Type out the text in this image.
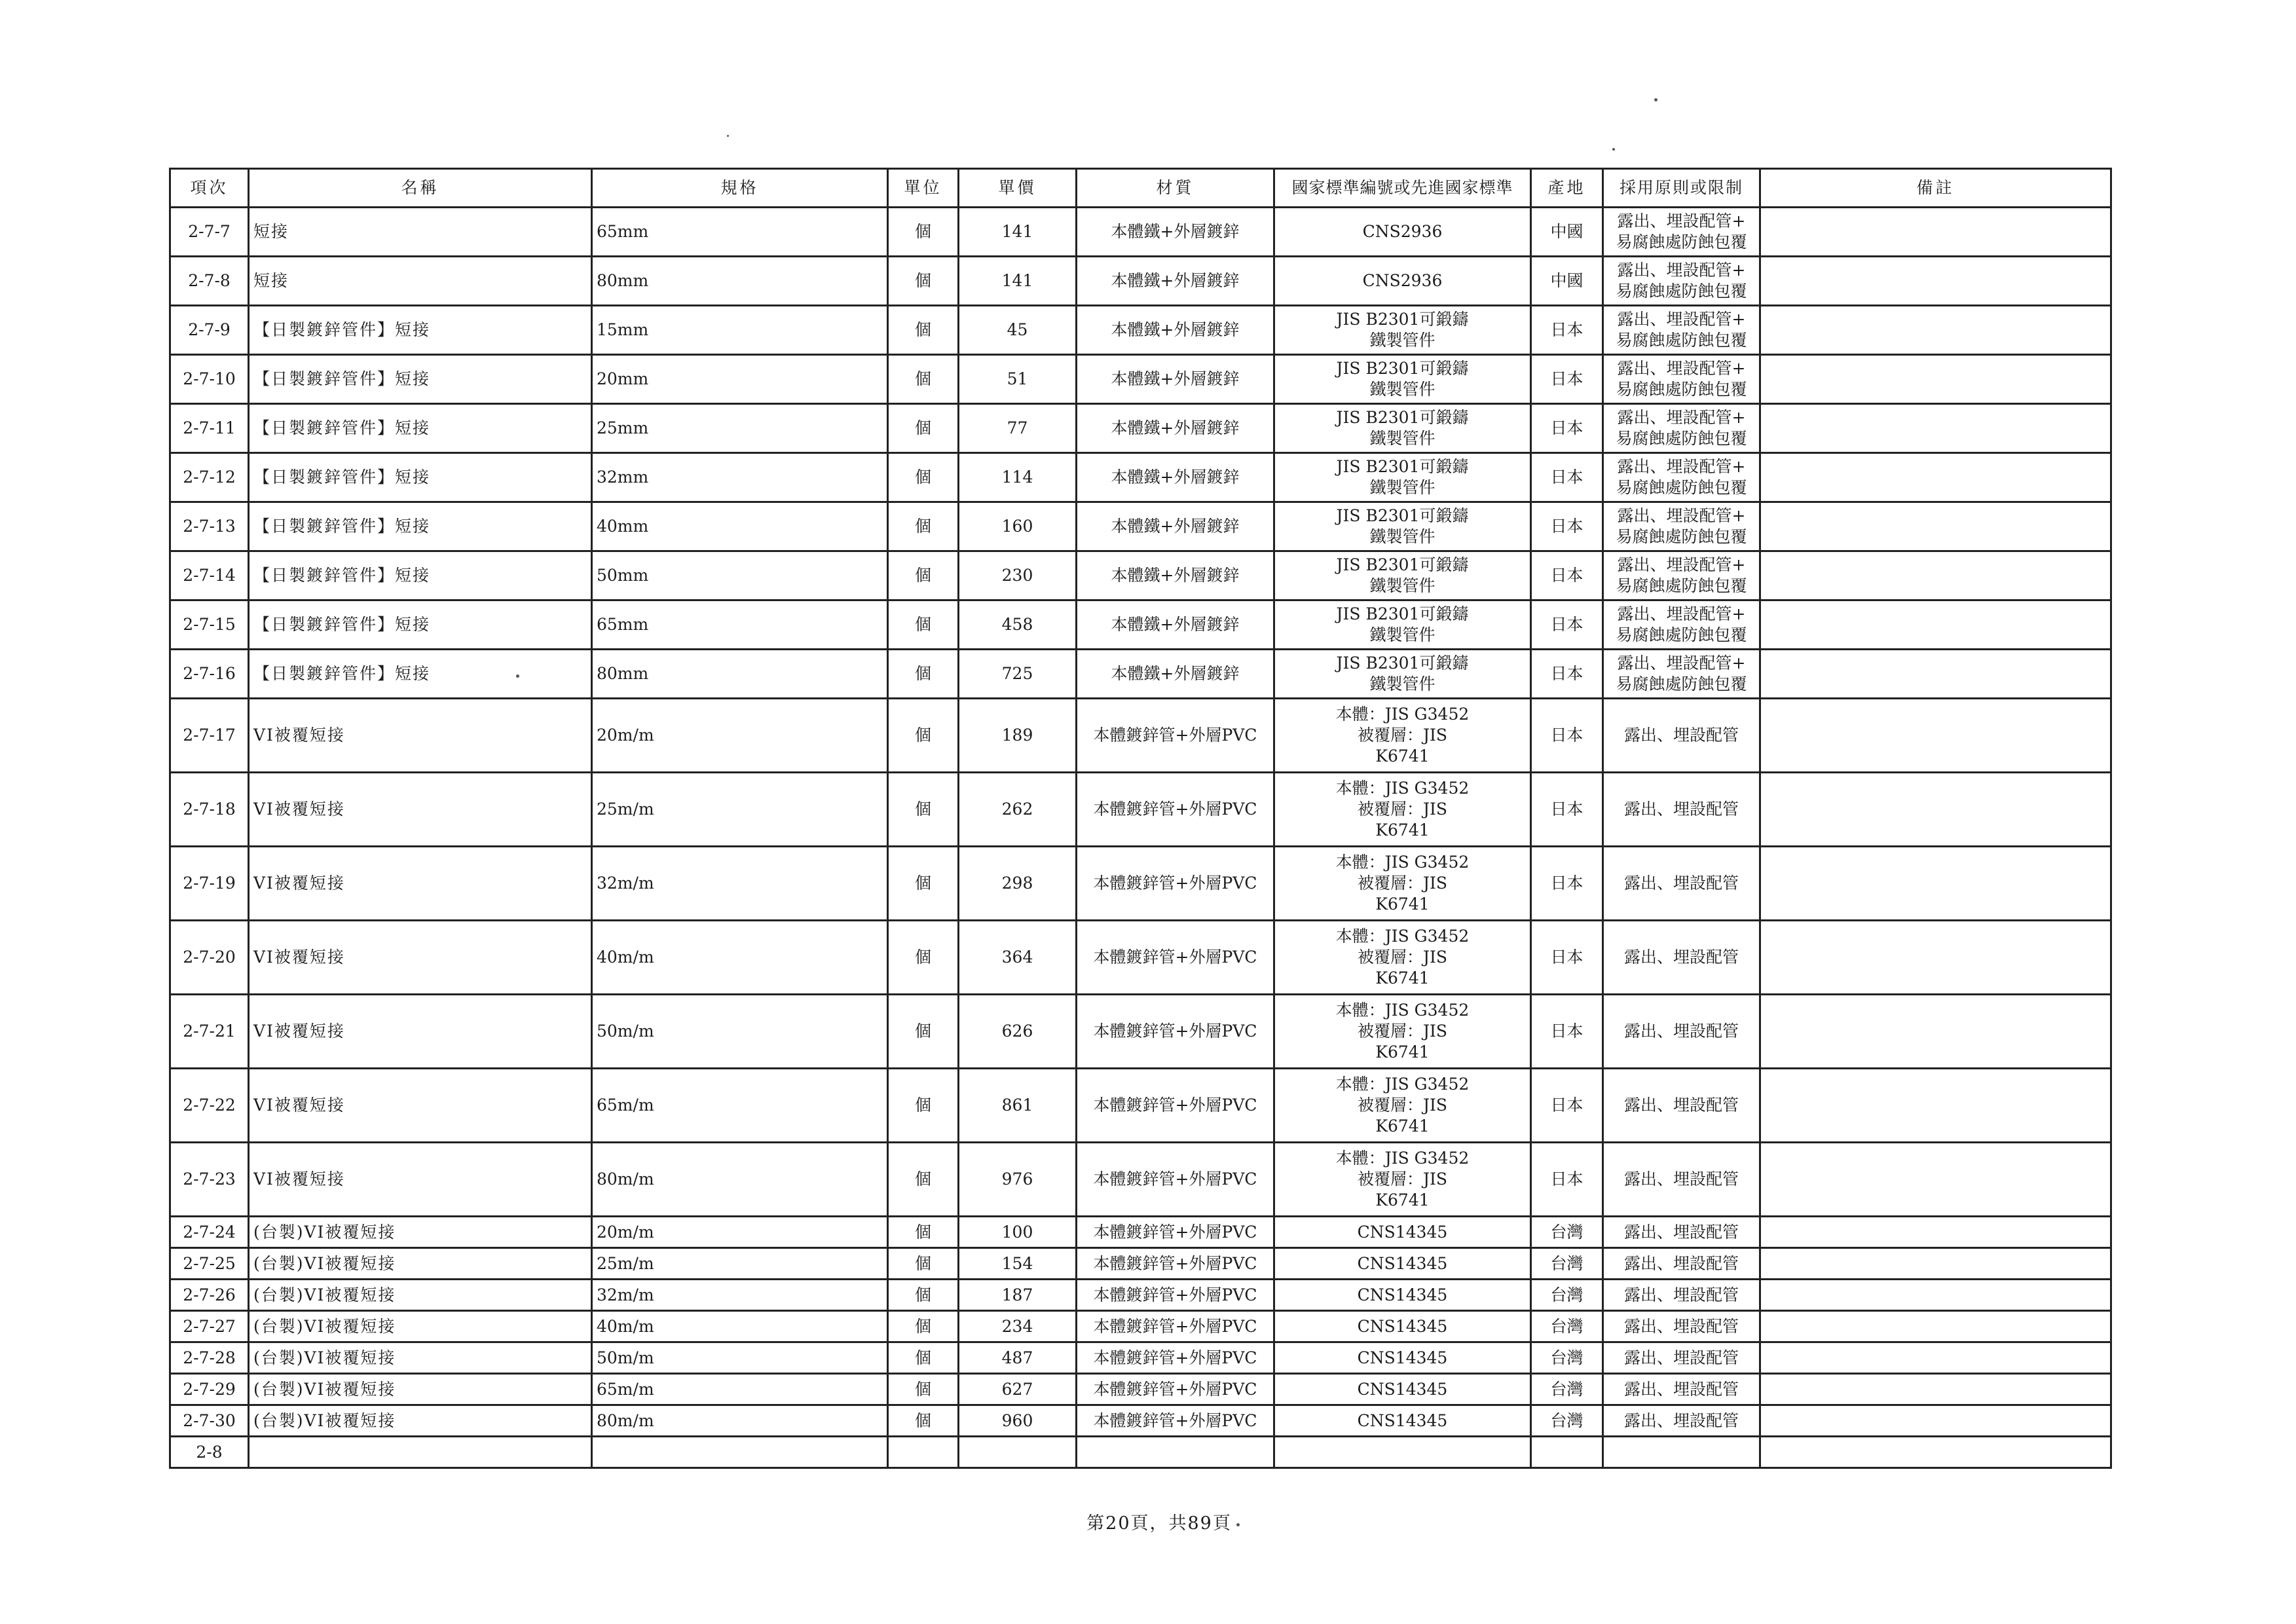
項次	名稱	規格	單位	單價	材質	國家標準編號或先進國家標準	產地	採用原則或限制	備註
2-7-7	短接	65mm	個	141	本體鐵+外層鍍鋅	CNS2936	中國	露出、埋設配管+
易腐蝕處防蝕包覆	

2-7-8	短接	80mm	個	141	本體鐵+外層鍍鋅	CNS2936	中國	露出、埋設配管+
易腐蝕處防蝕包覆	

2-7-9	【日製鍍鋅管件】短接	15mm	個	45	本體鐵+外層鍍鋅	JIS B2301可鍛鑄
鐵製管件	日本	露出、埋設配管+
易腐蝕處防蝕包覆	

2-7-10	【日製鍍鋅管件】短接	20mm	個	51	本體鐵+外層鍍鋅	JIS B2301可鍛鑄
鐵製管件	日本	露出、埋設配管+
易腐蝕處防蝕包覆	

2-7-11	【日製鍍鋅管件】短接	25mm	個	77	本體鐵+外層鍍鋅	JIS B2301可鍛鑄
鐵製管件	日本	露出、埋設配管+
易腐蝕處防蝕包覆	

2-7-12	【日製鍍鋅管件】短接	32mm	個	114	本體鐵+外層鍍鋅	JIS B2301可鍛鑄
鐵製管件	日本	露出、埋設配管+
易腐蝕處防蝕包覆	

2-7-13	【日製鍍鋅管件】短接	40mm	個	160	本體鐵+外層鍍鋅	JIS B2301可鍛鑄
鐵製管件	日本	露出、埋設配管+
易腐蝕處防蝕包覆	

2-7-14	【日製鍍鋅管件】短接	50mm	個	230	本體鐵+外層鍍鋅	JIS B2301可鍛鑄
鐵製管件	日本	露出、埋設配管+
易腐蝕處防蝕包覆	

2-7-15	【日製鍍鋅管件】短接	65mm	個	458	本體鐵+外層鍍鋅	JIS B2301可鍛鑄
鐵製管件	日本	露出、埋設配管+
易腐蝕處防蝕包覆	

2-7-16	【日製鍍鋅管件】短接	80mm	個	725	本體鐵+外層鍍鋅	JIS B2301可鍛鑄
鐵製管件	日本	露出、埋設配管+
易腐蝕處防蝕包覆	

2-7-17	VI被覆短接	20m/m	個	189	本體鍍鋅管+外層PVC	本體：JIS G3452
被覆層：JIS
K6741	日本	露出、埋設配管	

2-7-18	VI被覆短接	25m/m	個	262	本體鍍鋅管+外層PVC	本體：JIS G3452
被覆層：JIS
K6741	日本	露出、埋設配管	

2-7-19	VI被覆短接	32m/m	個	298	本體鍍鋅管+外層PVC	本體：JIS G3452
被覆層：JIS
K6741	日本	露出、埋設配管	

2-7-20	VI被覆短接	40m/m	個	364	本體鍍鋅管+外層PVC	本體：JIS G3452
被覆層：JIS
K6741	日本	露出、埋設配管	

2-7-21	VI被覆短接	50m/m	個	626	本體鍍鋅管+外層PVC	本體：JIS G3452
被覆層：JIS
K6741	日本	露出、埋設配管	

2-7-22	VI被覆短接	65m/m	個	861	本體鍍鋅管+外層PVC	本體：JIS G3452
被覆層：JIS
K6741	日本	露出、埋設配管	

2-7-23	VI被覆短接	80m/m	個	976	本體鍍鋅管+外層PVC	本體：JIS G3452
被覆層：JIS
K6741	日本	露出、埋設配管	

2-7-24	(台製)VI被覆短接	20m/m	個	100	本體鍍鋅管+外層PVC	CNS14345	台灣	露出、埋設配管	

2-7-25	(台製)VI被覆短接	25m/m	個	154	本體鍍鋅管+外層PVC	CNS14345	台灣	露出、埋設配管	

2-7-26	(台製)VI被覆短接	32m/m	個	187	本體鍍鋅管+外層PVC	CNS14345	台灣	露出、埋設配管	

2-7-27	(台製)VI被覆短接	40m/m	個	234	本體鍍鋅管+外層PVC	CNS14345	台灣	露出、埋設配管	

2-7-28	(台製)VI被覆短接	50m/m	個	487	本體鍍鋅管+外層PVC	CNS14345	台灣	露出、埋設配管	

2-7-29	(台製)VI被覆短接	65m/m	個	627	本體鍍鋅管+外層PVC	CNS14345	台灣	露出、埋設配管	

2-7-30	(台製)VI被覆短接	80m/m	個	960	本體鍍鋅管+外層PVC	CNS14345	台灣	露出、埋設配管	

2-8									
第20頁，共89頁
